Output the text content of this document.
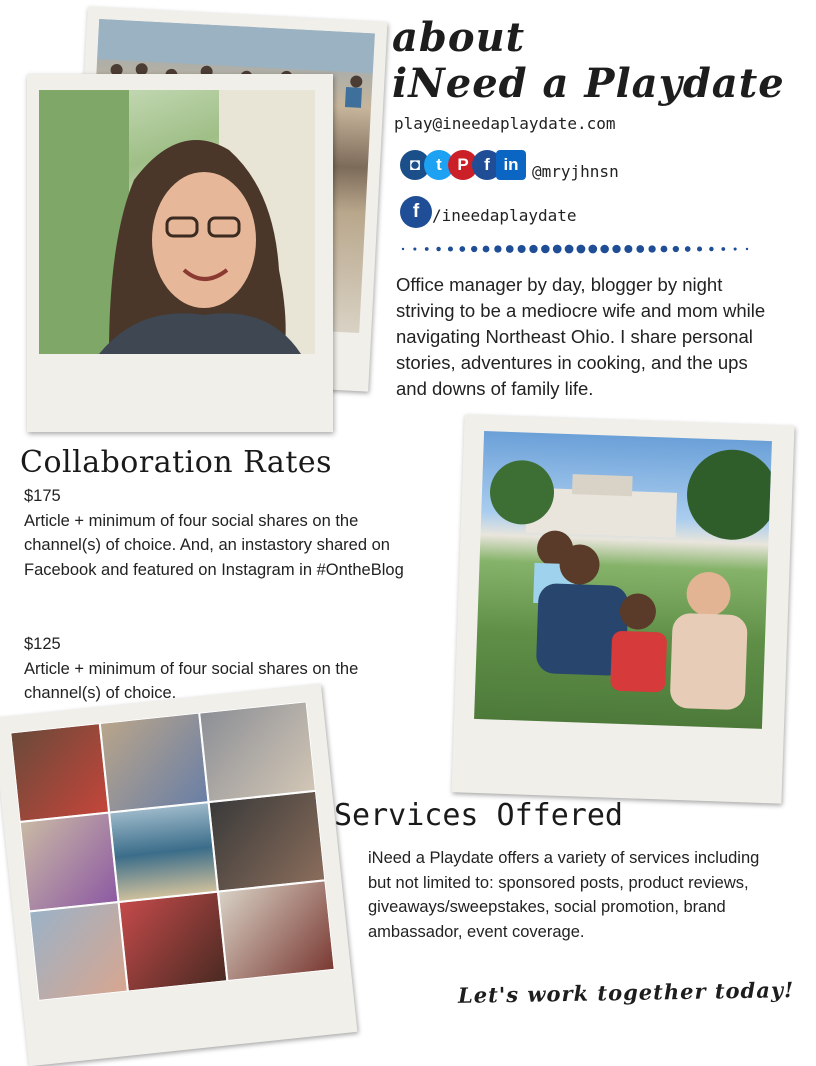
about
iNeed a Playdate
play@ineedaplaydate.com
◘ t P f in @mryjhnsn
f /ineedaplaydate

Office manager by day, blogger by night striving to be a mediocre wife and mom while navigating Northeast Ohio. I share personal stories, adventures in cooking, and the ups and downs of family life.

Collaboration Rates
$175
Article + minimum of four social shares on the channel(s) of choice. And, an instastory shared on Facebook and featured on Instagram in #OntheBlog
$125
Article + minimum of four social shares on the channel(s) of choice.
Services Offered

iNeed a Playdate offers a variety of services including but not limited to: sponsored posts, product reviews, giveaways/sweepstakes, social promotion, brand ambassador, event coverage.

Let's work together today!
